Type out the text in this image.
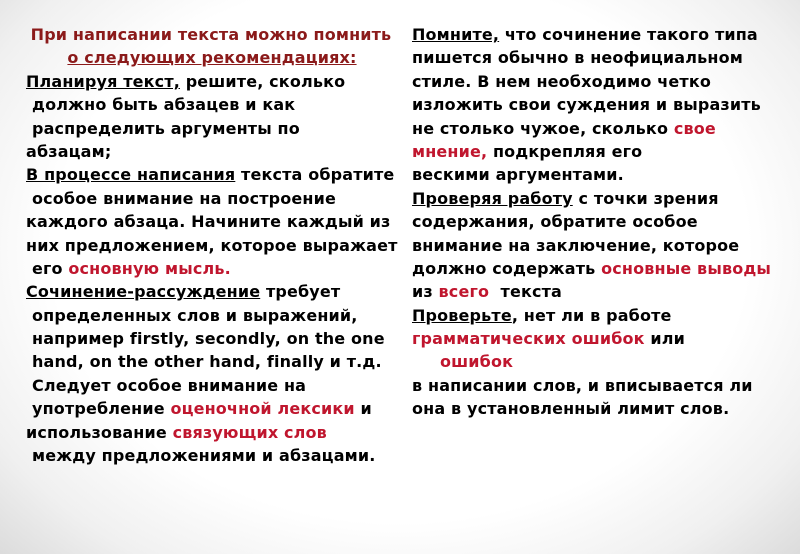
При написании текста можно помнить
о следующих рекомендациях:
Планируя текст, решите, сколько
должно быть абзацев и как
распределить аргументы по
абзацам;
В процессе написания текста обратите
особое внимание на построение
каждого абзаца. Начините каждый из
них предложением, которое выражает
его основную мысль.
Сочинение-рассуждение требует
определенных слов и выражений,
например firstly, secondly, on the one
hand, on the other hand, finally и т.д.
Следует особое внимание на
употребление оценочной лексики и
использование связующих слов
между предложениями и абзацами.
Помните, что сочинение такого типа
пишется обычно в неофициальном
стиле. В нем необходимо четко
изложить свои суждения и выразить
не столько чужое, сколько свое
мнение, подкрепляя его
вескими аргументами.
Проверяя работу с точки зрения
содержания, обратите особое
внимание на заключение, которое
должно содержать основные выводы
из всего  текста
Проверьте, нет ли в работе
грамматических ошибок или
ошибок
в написании слов, и вписывается ли
она в установленный лимит слов.
